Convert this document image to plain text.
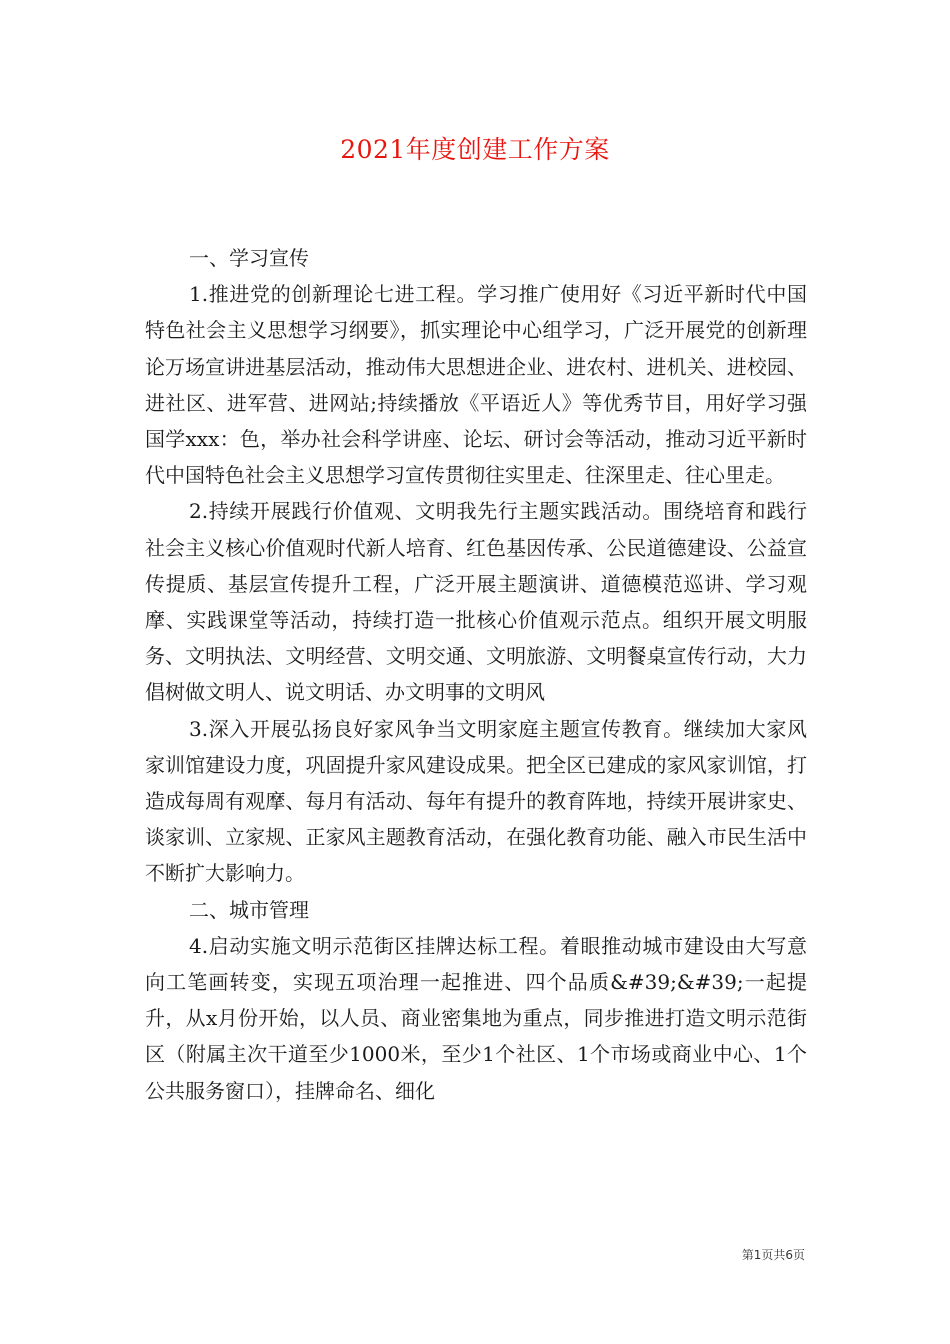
2021年度创建工作方案

一、学习宣传

1.推进党的创新理论七进工程。学习推广使用好《习近平新时代中国特色社会主义思想学习纲要》，抓实理论中心组学习，广泛开展党的创新理论万场宣讲进基层活动，推动伟大思想进企业、进农村、进机关、进校园、进社区、进军营、进网站;持续播放《平语近人》等优秀节目，用好学习强国学xxx：色，举办社会科学讲座、论坛、研讨会等活动，推动习近平新时代中国特色社会主义思想学习宣传贯彻往实里走、往深里走、往心里走。

2.持续开展践行价值观、文明我先行主题实践活动。围绕培育和践行社会主义核心价值观时代新人培育、红色基因传承、公民道德建设、公益宣传提质、基层宣传提升工程，广泛开展主题演讲、道德模范巡讲、学习观摩、实践课堂等活动，持续打造一批核心价值观示范点。组织开展文明服务、文明执法、文明经营、文明交通、文明旅游、文明餐桌宣传行动，大力倡树做文明人、说文明话、办文明事的文明风

3.深入开展弘扬良好家风争当文明家庭主题宣传教育。继续加大家风家训馆建设力度，巩固提升家风建设成果。把全区已建成的家风家训馆，打造成每周有观摩、每月有活动、每年有提升的教育阵地，持续开展讲家史、谈家训、立家规、正家风主题教育活动，在强化教育功能、融入市民生活中不断扩大影响力。

二、城市管理

4.启动实施文明示范街区挂牌达标工程。着眼推动城市建设由大写意向工笔画转变，实现五项治理一起推进、四个品质&#39;&#39;一起提升，从x月份开始，以人员、商业密集地为重点，同步推进打造文明示范街区（附属主次干道至少1000米，至少1个社区、1个市场或商业中心、1个公共服务窗口），挂牌命名、细化

第1页共6页
